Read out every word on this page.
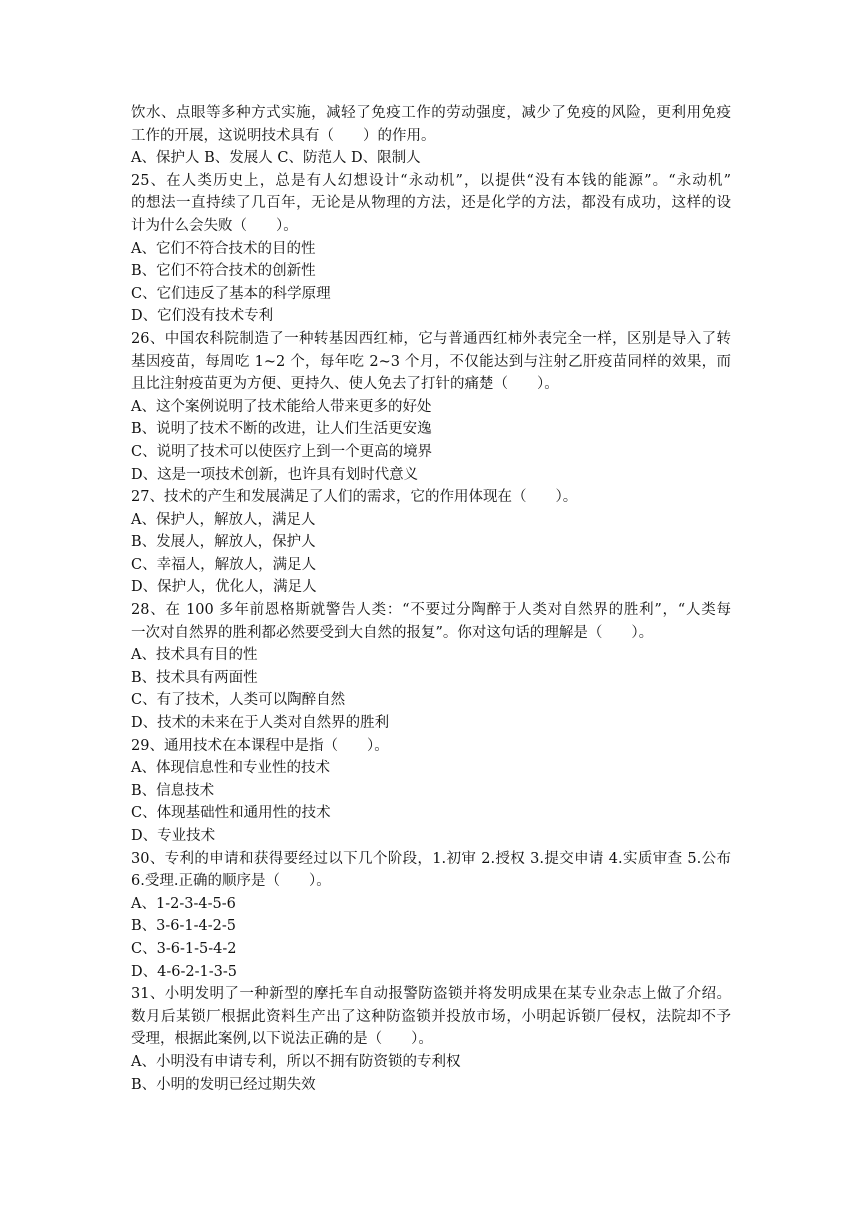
饮水、点眼等多种方式实施，减轻了免疫工作的劳动强度，减少了免疫的风险，更利用免疫
工作的开展，这说明技术具有（　　）的作用。
A、保护人 B、发展人 C、防范人 D、限制人
25、在人类历史上，总是有人幻想设计“永动机”，以提供“没有本钱的能源”。“永动机”
的想法一直持续了几百年，无论是从物理的方法，还是化学的方法，都没有成功，这样的设
计为什么会失败（　　）。
A、它们不符合技术的目的性
B、它们不符合技术的创新性
C、它们违反了基本的科学原理
D、它们没有技术专利
26、中国农科院制造了一种转基因西红柿，它与普通西红柿外表完全一样，区别是导入了转
基因疫苗，每周吃 1~2 个，每年吃 2~3 个月，不仅能达到与注射乙肝疫苗同样的效果，而
且比注射疫苗更为方便、更持久、使人免去了打针的痛楚（　　）。
A、这个案例说明了技术能给人带来更多的好处
B、说明了技术不断的改进，让人们生活更安逸
C、说明了技术可以使医疗上到一个更高的境界
D、这是一项技术创新，也许具有划时代意义
27、技术的产生和发展满足了人们的需求，它的作用体现在（　　）。
A、保护人，解放人，满足人
B、发展人，解放人，保护人
C、幸福人，解放人，满足人
D、保护人，优化人，满足人
28、在 100 多年前恩格斯就警告人类：“不要过分陶醉于人类对自然界的胜利”，“人类每
一次对自然界的胜利都必然要受到大自然的报复”。你对这句话的理解是（　　）。
A、技术具有目的性
B、技术具有两面性
C、有了技术，人类可以陶醉自然
D、技术的未来在于人类对自然界的胜利
29、通用技术在本课程中是指（　　）。
A、体现信息性和专业性的技术
B、信息技术
C、体现基础性和通用性的技术
D、专业技术
30、专利的申请和获得要经过以下几个阶段，1.初审 2.授权 3.提交申请 4.实质审查 5.公布
6.受理.正确的顺序是（　　）。
A、1-2-3-4-5-6
B、3-6-1-4-2-5
C、3-6-1-5-4-2
D、4-6-2-1-3-5
31、小明发明了一种新型的摩托车自动报警防盗锁并将发明成果在某专业杂志上做了介绍。
数月后某锁厂根据此资料生产出了这种防盗锁并投放市场，小明起诉锁厂侵权，法院却不予
受理，根据此案例,以下说法正确的是（　　）。
A、小明没有申请专利，所以不拥有防资锁的专利权
B、小明的发明已经过期失效
